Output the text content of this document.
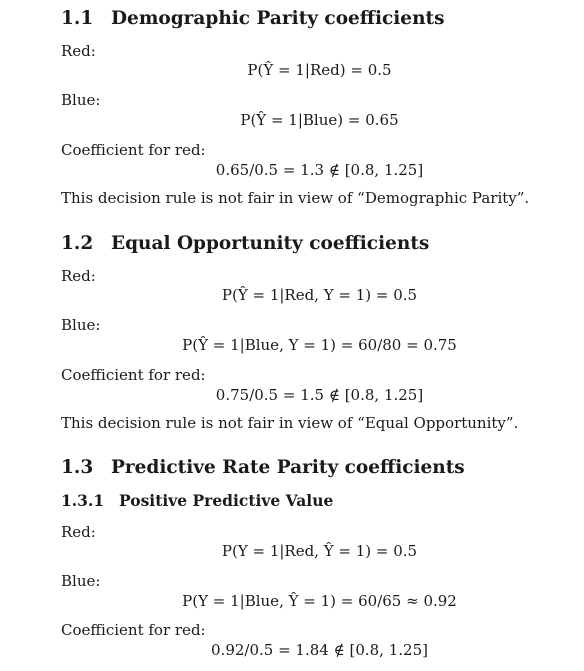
1.1 Demographic Parity coefficients
Red:
P(Ŷ = 1|Red) = 0.5
Blue:
P(Ŷ = 1|Blue) = 0.65
Coefficient for red:
0.65/0.5 = 1.3 ∉ [0.8, 1.25]
This decision rule is not fair in view of “Demographic Parity”.
1.2 Equal Opportunity coefficients
Red:
P(Ŷ = 1|Red, Y = 1) = 0.5
Blue:
P(Ŷ = 1|Blue, Y = 1) = 60/80 = 0.75
Coefficient for red:
0.75/0.5 = 1.5 ∉ [0.8, 1.25]
This decision rule is not fair in view of “Equal Opportunity”.
1.3 Predictive Rate Parity coefficients
1.3.1 Positive Predictive Value
Red:
P(Y = 1|Red, Ŷ = 1) = 0.5
Blue:
P(Y = 1|Blue, Ŷ = 1) = 60/65 ≈ 0.92
Coefficient for red:
0.92/0.5 = 1.84 ∉ [0.8, 1.25]
